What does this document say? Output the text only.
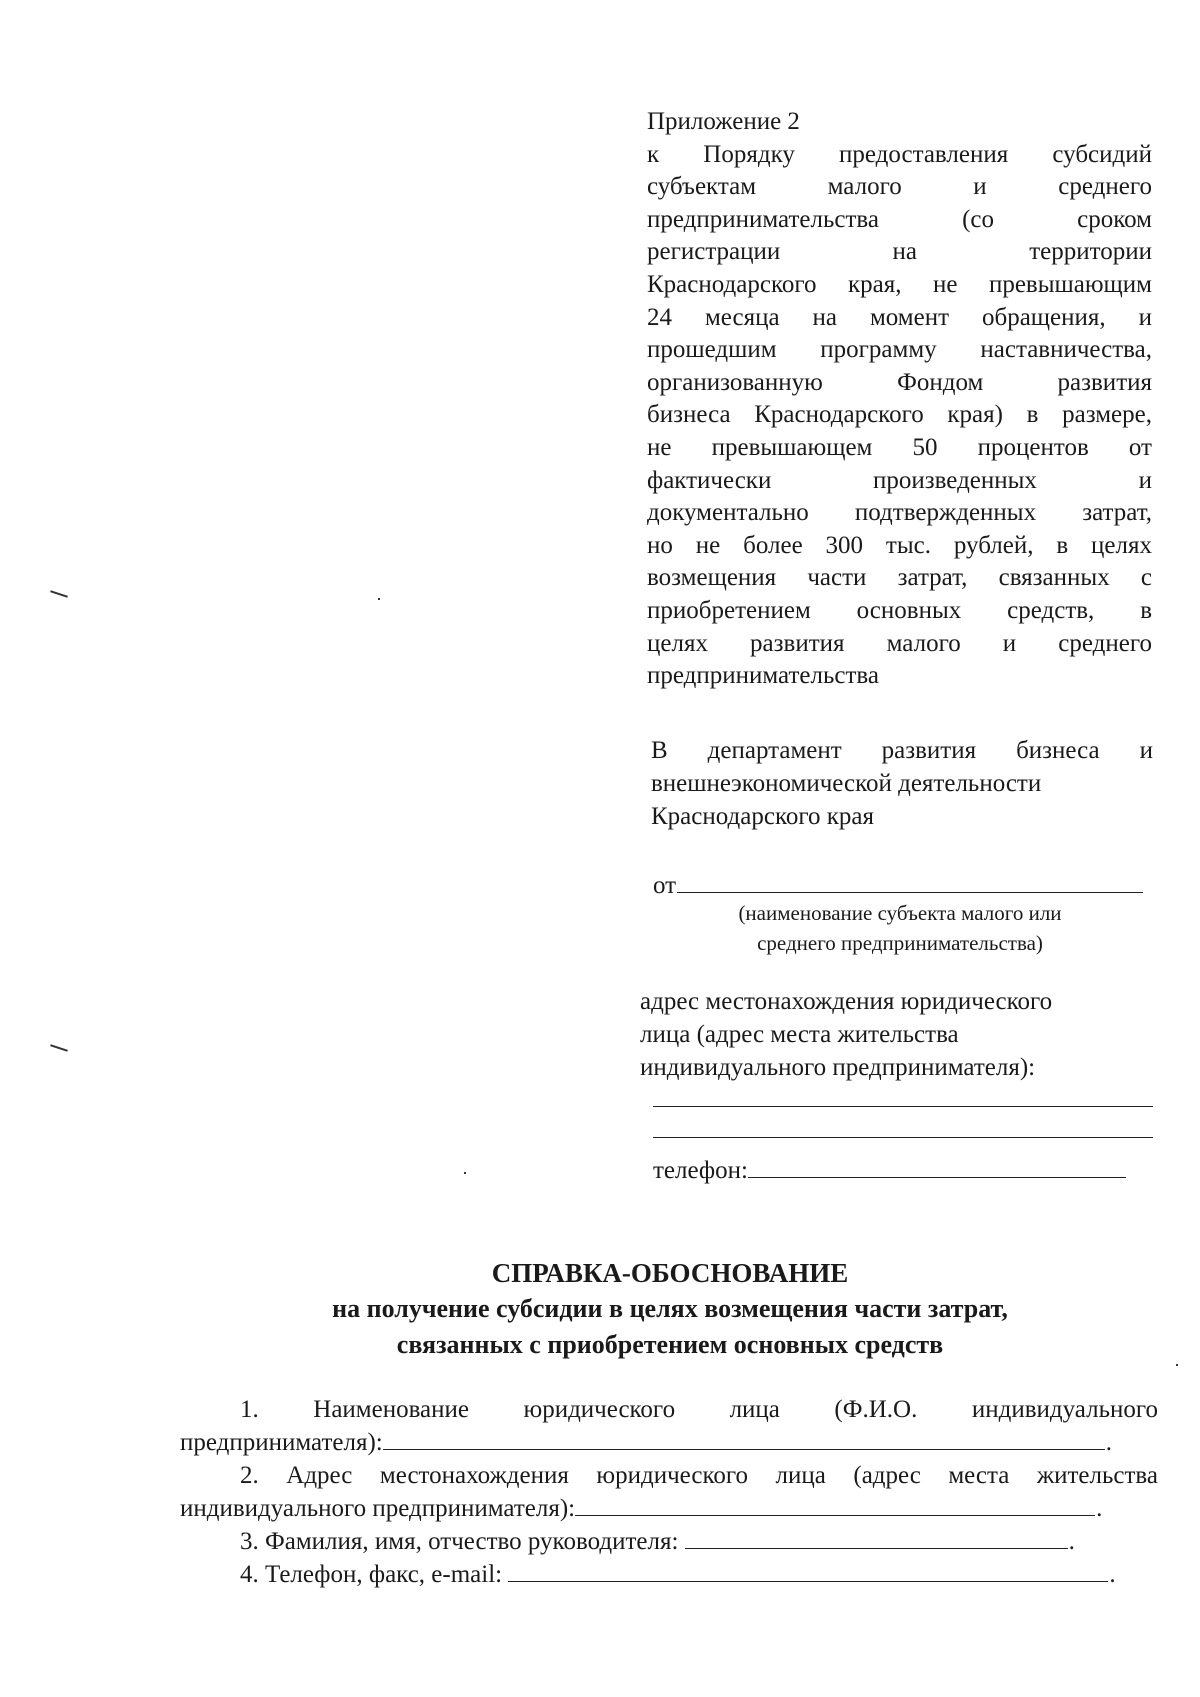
Приложение 2
к Порядку предоставления субсидий
субъектам малого и среднего
предпринимательства (со сроком
регистрации на территории
Краснодарского края, не превышающим
24 месяца на момент обращения, и
прошедшим программу наставничества,
организованную Фондом развития
бизнеса Краснодарского края) в размере,
не превышающем 50 процентов от
фактически произведенных и
документально подтвержденных затрат,
но не более 300 тыс. рублей, в целях
возмещения части затрат, связанных с
приобретением основных средств, в
целях развития малого и среднего
предпринимательства
В департамент развития бизнеса и
внешнеэкономической деятельности
Краснодарского края
от
(наименование субъекта малого или
среднего предпринимательства)
адрес местонахождения юридического
лица (адрес места жительства
индивидуального предпринимателя):
телефон:
СПРАВКА-ОБОСНОВАНИЕ
на получение субсидии в целях возмещения части затрат,
связанных с приобретением основных средств
1. Наименование юридического лица (Ф.И.О. индивидуального
предпринимателя):	.
2. Адрес местонахождения юридического лица (адрес места жительства
индивидуального предпринимателя):	.
3. Фамилия, имя, отчество руководителя:	.
4. Телефон, факс, e-mail:	.
